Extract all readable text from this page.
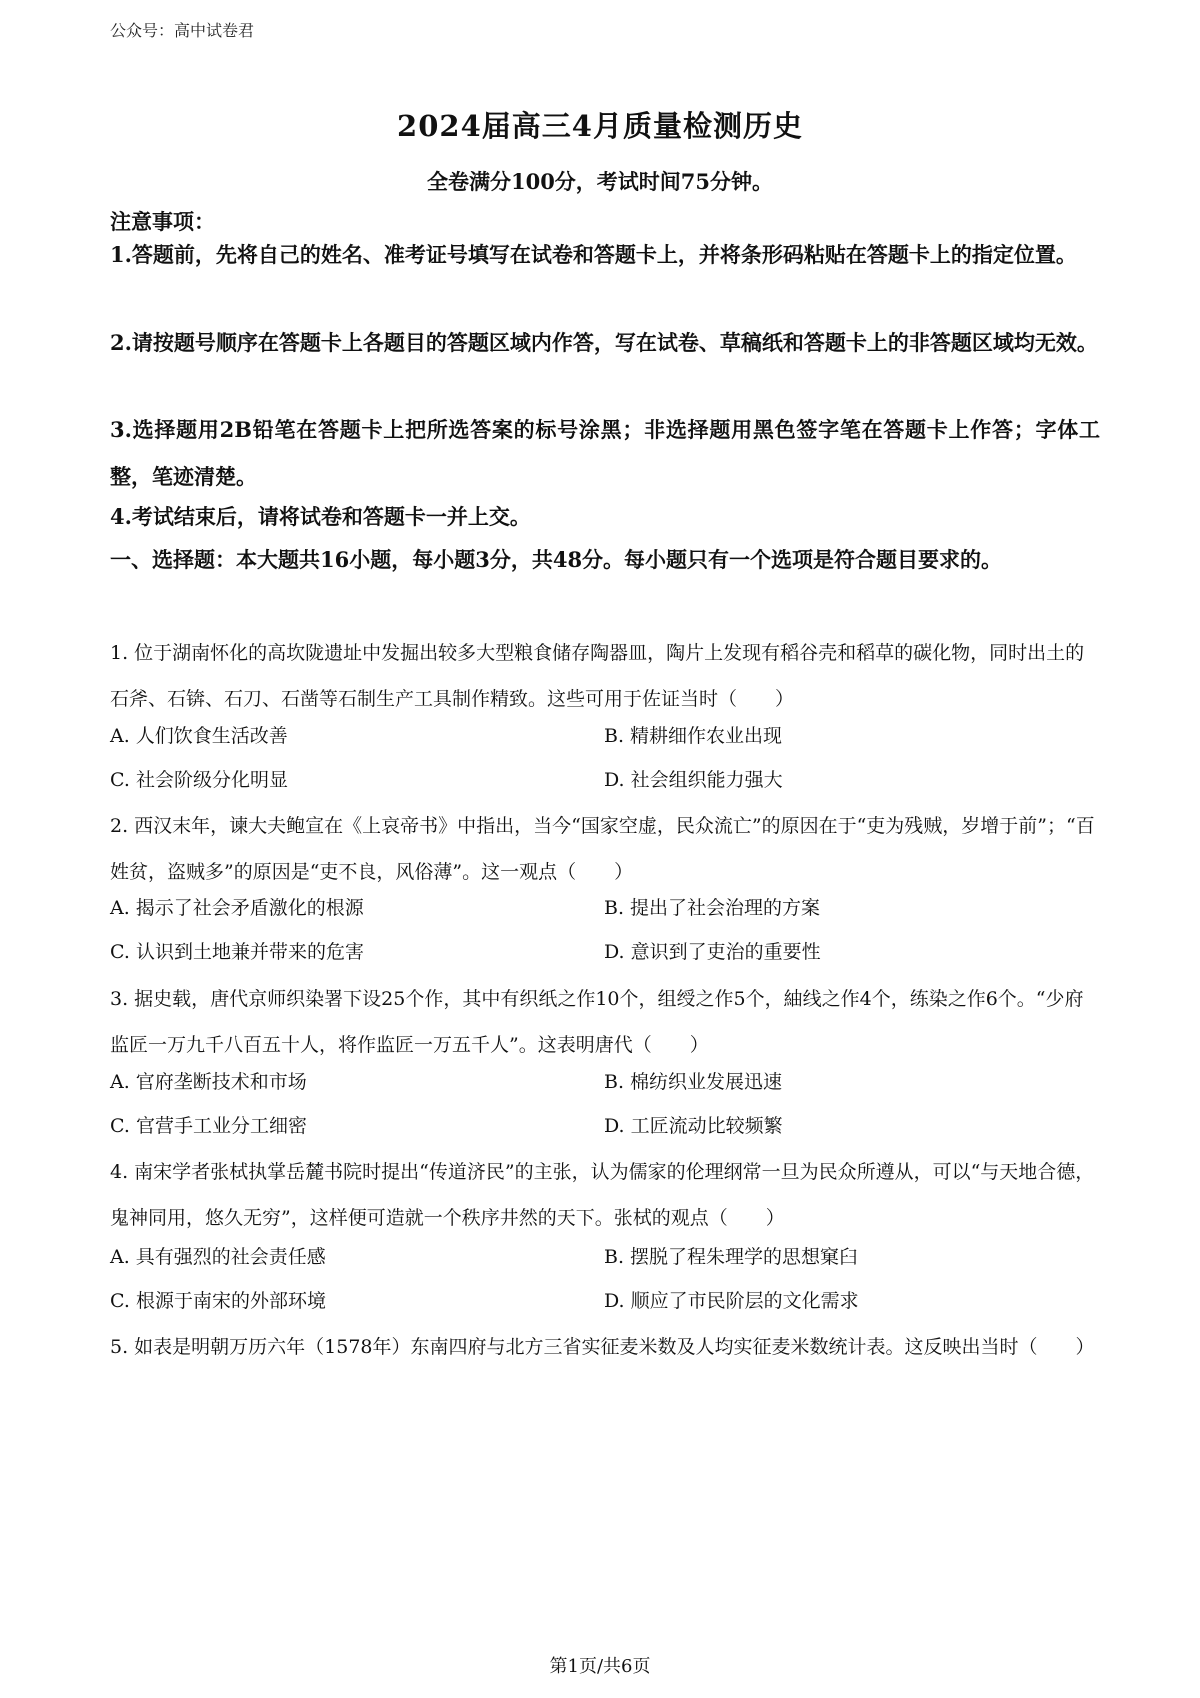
公众号：高中试卷君
2024届高三4月质量检测历史
全卷满分100分，考试时间75分钟。
注意事项：
1.答题前，先将自己的姓名、准考证号填写在试卷和答题卡上，并将条形码粘贴在答题卡上的指定位置。
2.请按题号顺序在答题卡上各题目的答题区域内作答，写在试卷、草稿纸和答题卡上的非答题区域均无效。
3.选择题用2B铅笔在答题卡上把所选答案的标号涂黑；非选择题用黑色签字笔在答题卡上作答；字体工整，笔迹清楚。
4.考试结束后，请将试卷和答题卡一并上交。
一、选择题：本大题共16小题，每小题3分，共48分。每小题只有一个选项是符合题目要求的。
1. 位于湖南怀化的高坎陇遗址中发掘出较多大型粮食储存陶器皿，陶片上发现有稻谷壳和稻草的碳化物，同时出土的石斧、石锛、石刀、石凿等石制生产工具制作精致。这些可用于佐证当时（　　）
A. 人们饮食生活改善	B. 精耕细作农业出现
C. 社会阶级分化明显	D. 社会组织能力强大
2. 西汉末年，谏大夫鲍宣在《上哀帝书》中指出，当今“国家空虚，民众流亡”的原因在于“吏为残贼，岁增于前”；“百姓贫，盗贼多”的原因是“吏不良，风俗薄”。这一观点（　　）
A. 揭示了社会矛盾激化的根源	B. 提出了社会治理的方案
C. 认识到土地兼并带来的危害	D. 意识到了吏治的重要性
3. 据史载，唐代京师织染署下设25个作，其中有织纸之作10个，组绶之作5个，紬线之作4个，练染之作6个。“少府监匠一万九千八百五十人，将作监匠一万五千人”。这表明唐代（　　）
A. 官府垄断技术和市场	B. 棉纺织业发展迅速
C. 官营手工业分工细密	D. 工匠流动比较频繁
4. 南宋学者张栻执掌岳麓书院时提出“传道济民”的主张，认为儒家的伦理纲常一旦为民众所遵从，可以“与天地合德，鬼神同用，悠久无穷”，这样便可造就一个秩序井然的天下。张栻的观点（　　）
A. 具有强烈的社会责任感	B. 摆脱了程朱理学的思想窠臼
C. 根源于南宋的外部环境	D. 顺应了市民阶层的文化需求
5. 如表是明朝万历六年（1578年）东南四府与北方三省实征麦米数及人均实征麦米数统计表。这反映出当时（　　）
第1页/共6页
